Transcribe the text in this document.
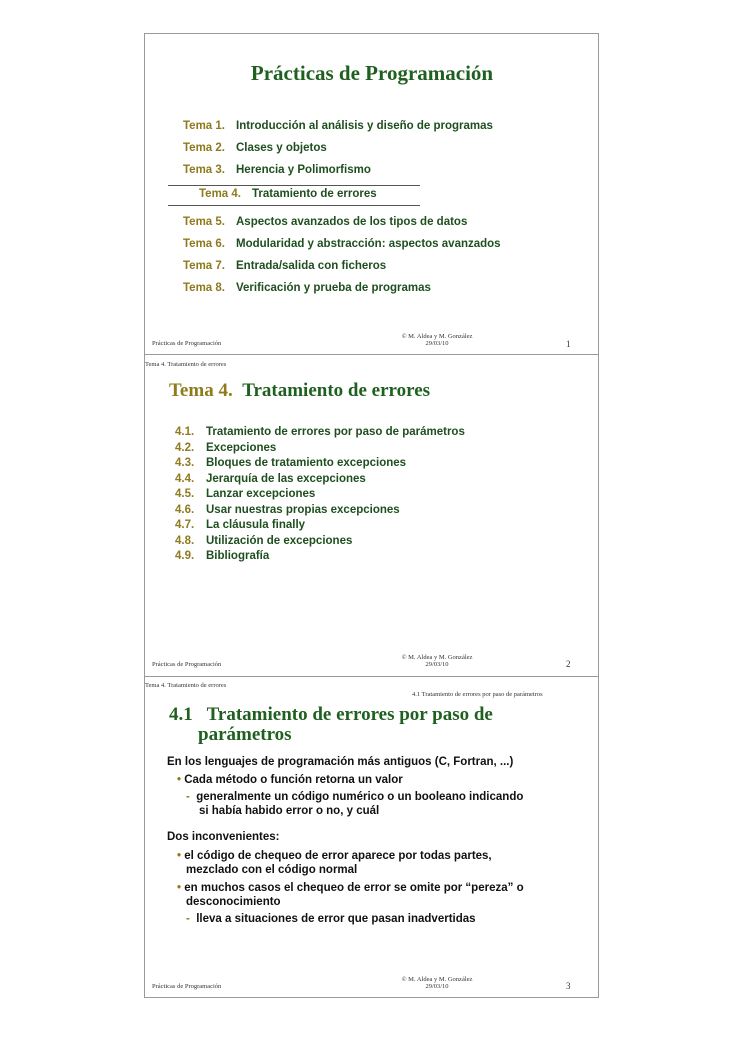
Prácticas de Programación
Tema 1. Introducción al análisis y diseño de programas
Tema 2. Clases y objetos
Tema 3. Herencia y Polimorfismo
Tema 4. Tratamiento de errores
Tema 5. Aspectos avanzados de los tipos de datos
Tema 6. Modularidad y abstracción: aspectos avanzados
Tema 7. Entrada/salida con ficheros
Tema 8. Verificación y prueba de programas
Prácticas de Programación
© M. Aldea y M. González
29/03/10	1
Tema 4. Tratamiento de errores
Tema 4. Tratamiento de errores
4.1. Tratamiento de errores por paso de parámetros
4.2. Excepciones
4.3. Bloques de tratamiento excepciones
4.4. Jerarquía de las excepciones
4.5. Lanzar excepciones
4.6. Usar nuestras propias excepciones
4.7. La cláusula finally
4.8. Utilización de excepciones
4.9. Bibliografía
Prácticas de Programación
© M. Aldea y M. González
29/03/10	2
Tema 4. Tratamiento de errores
4.1 Tratamiento de errores por paso de parámetros
4.1   Tratamiento de errores por paso de
parámetros
En los lenguajes de programación más antiguos (C, Fortran, ...)
• Cada método o función retorna un valor
- generalmente un código numérico o un booleano indicando
si había habido error o no, y cuál
Dos inconvenientes:
• el código de chequeo de error aparece por todas partes,
mezclado con el código normal
• en muchos casos el chequeo de error se omite por “pereza” o
desconocimiento
- lleva a situaciones de error que pasan inadvertidas
Prácticas de Programación
© M. Aldea y M. González
29/03/10	3
